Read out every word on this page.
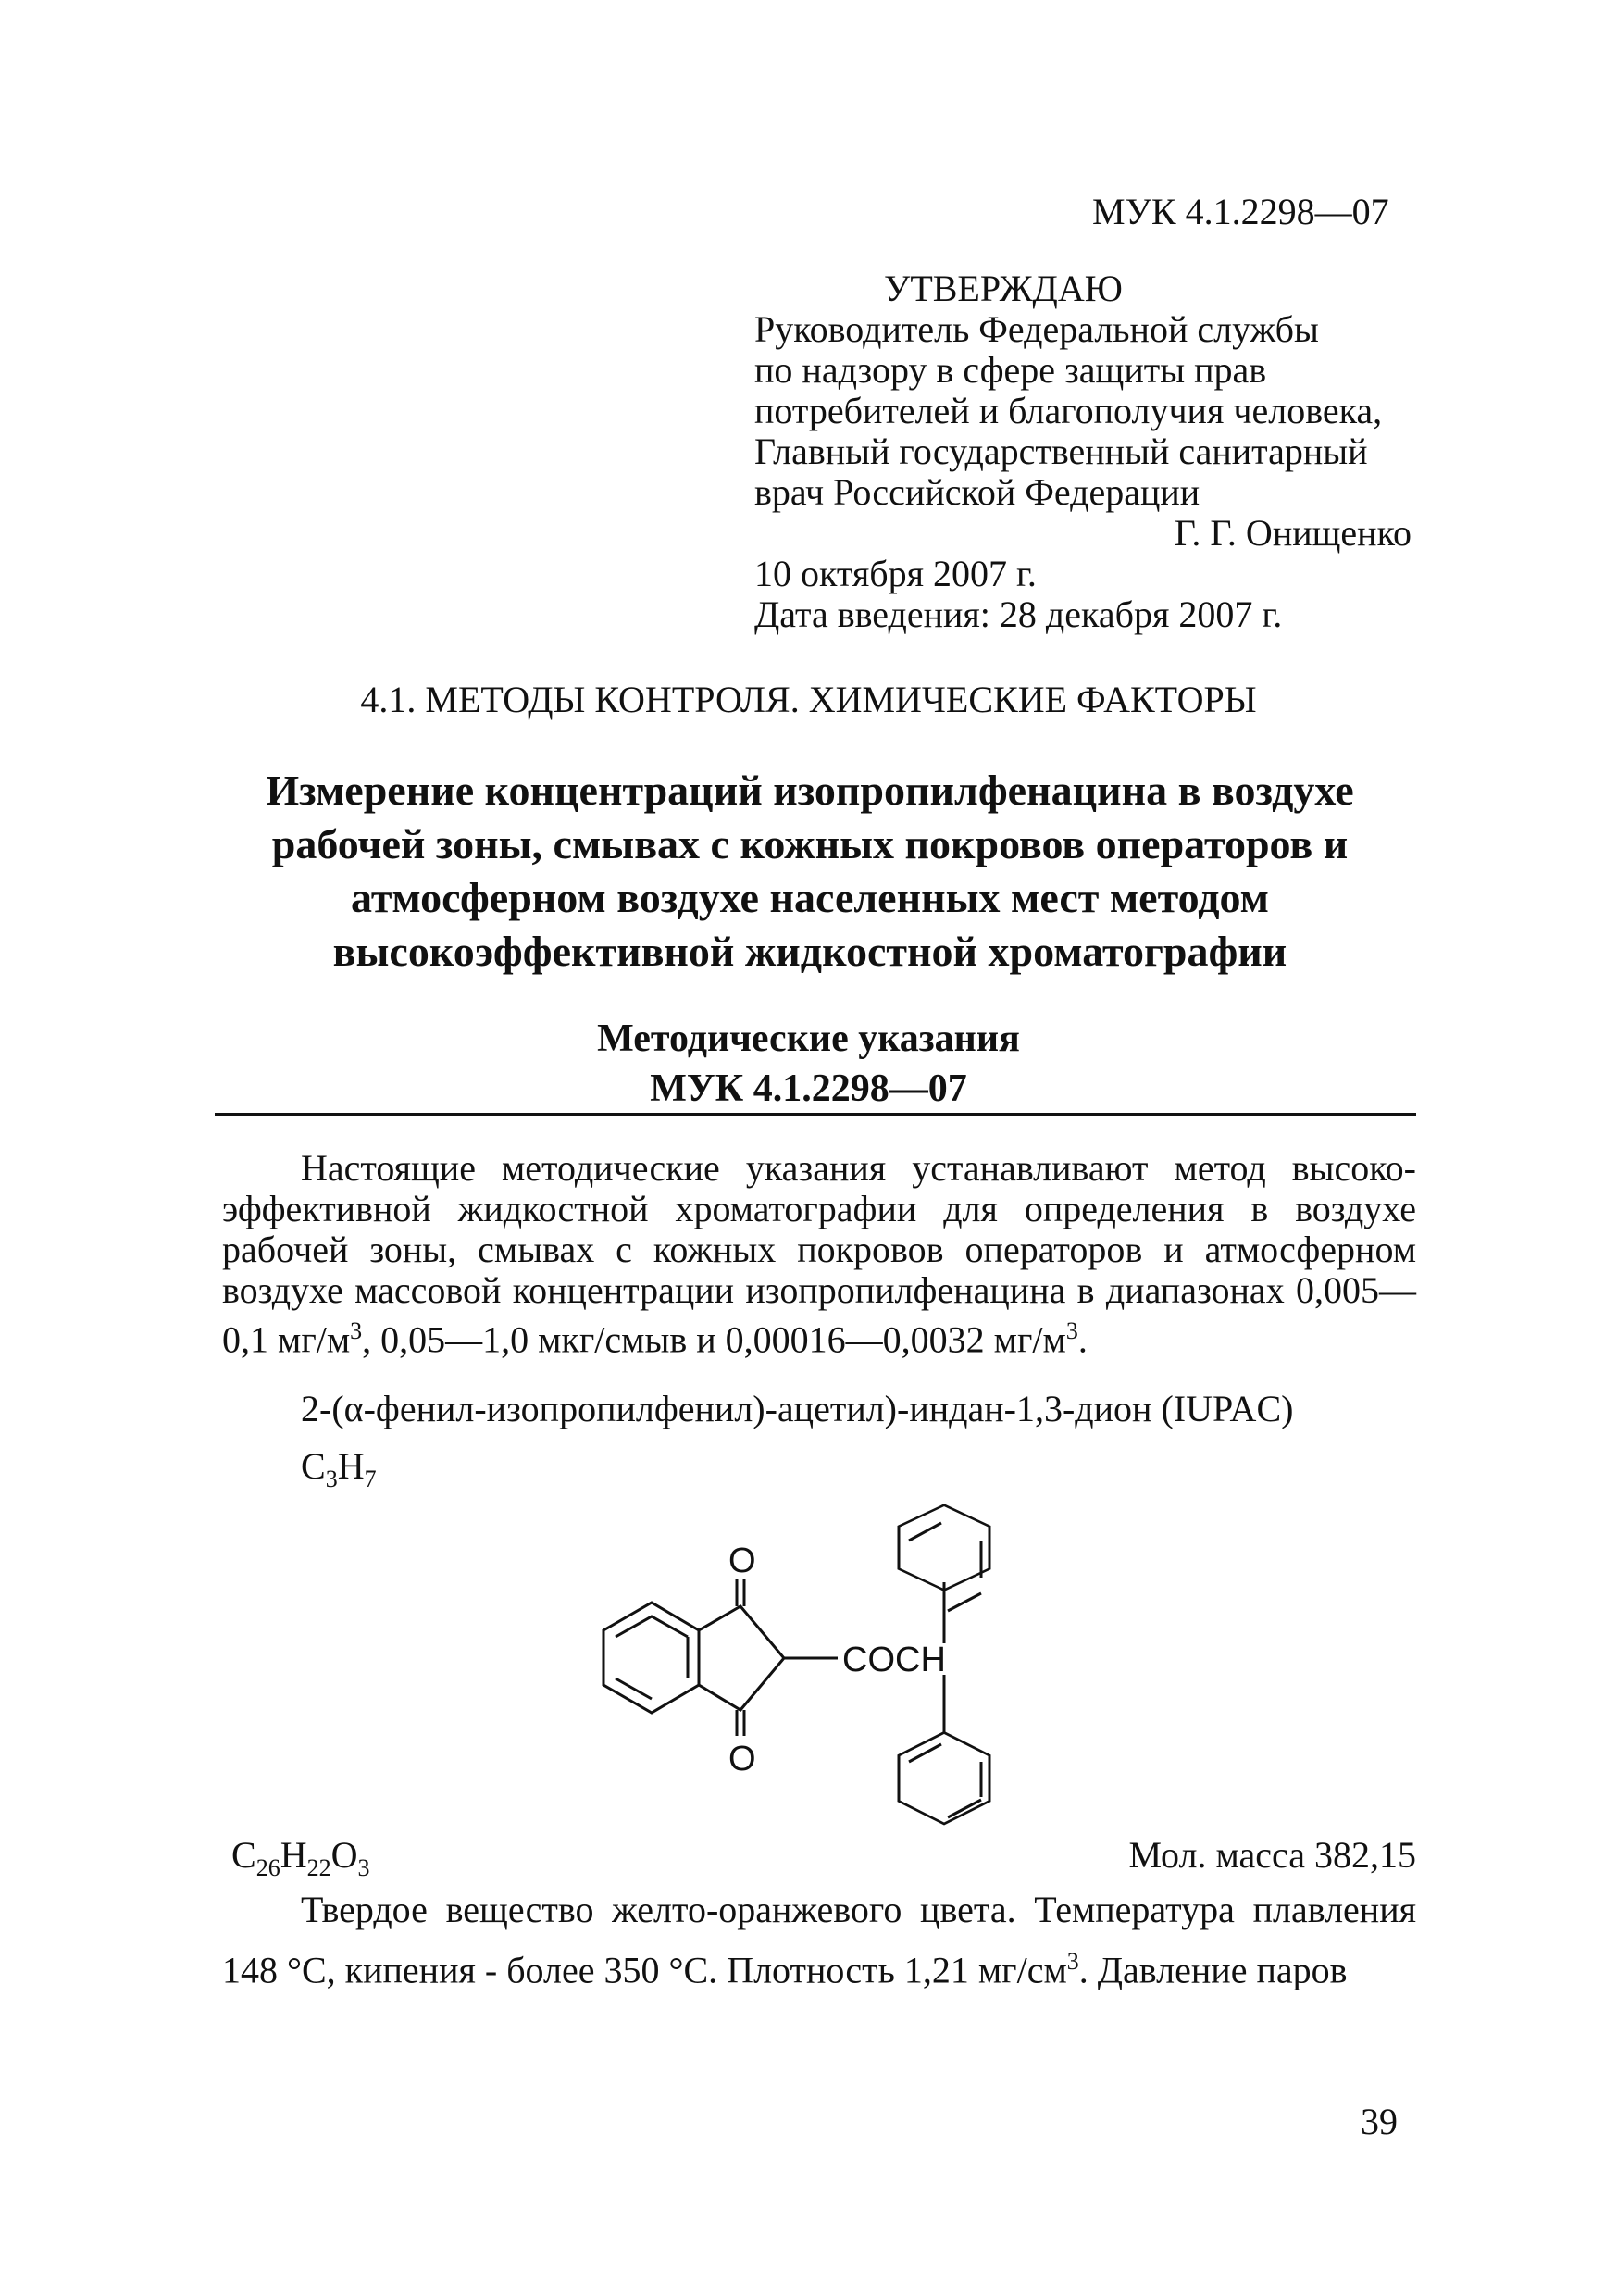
МУК 4.1.2298—07
УТВЕРЖДАЮ
Руководитель Федеральной службы
по надзору в сфере защиты прав
потребителей и благополучия человека,
Главный государственный санитарный
врач Российской Федерации
Г. Г. Онищенко
10 октября 2007 г.
Дата введения: 28 декабря 2007 г.
4.1. МЕТОДЫ КОНТРОЛЯ. ХИМИЧЕСКИЕ ФАКТОРЫ
Измерение концентраций изопропилфенацина в воздухе
рабочей зоны, смывах с кожных покровов операторов и
атмосферном воздухе населенных мест методом
высокоэффективной жидкостной хроматографии
Методические указания
МУК 4.1.2298—07
Настоящие методические указания устанавливают метод высоко-эффективной жидкостной хроматографии для определения в воздухе рабочей зоны, смывах с кожных покровов операторов и атмосферном воздухе массовой концентрации изопропилфенацина в диапазонах 0,005—0,1 $мг/м^3$, 0,05—1,0 мкг/смыв и 0,00016—0,0032 $мг/м^3$.
2-(α-фенил-изопропилфенил)-ацетил)-индан-1,3-дион (IUPAC)
$C_3H_7$
O
O
COCH
$C_{26}H_{22}O_3$	Мол. масса 382,15
Твердое вещество желто-оранжевого цвета. Температура плавления 148 °С, кипения - более 350 °С. Плотность 1,21 $мг/см^3$. Давление паров
39
